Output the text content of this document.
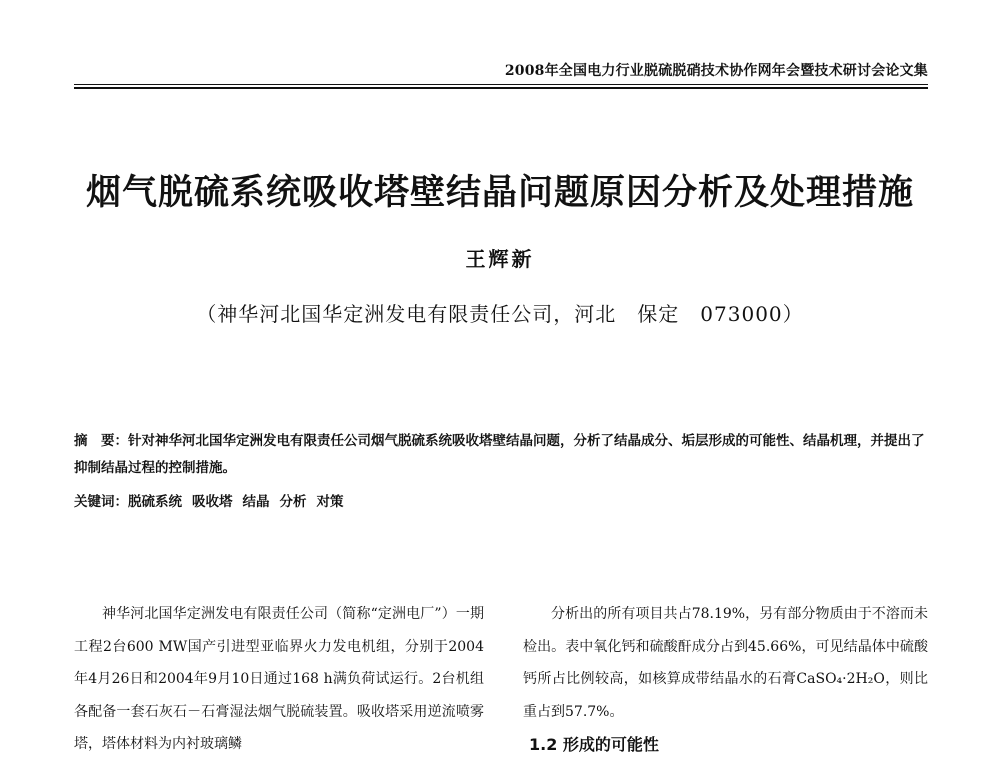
2008年全国电力行业脱硫脱硝技术协作网年会暨技术研讨会论文集
烟气脱硫系统吸收塔壁结晶问题原因分析及处理措施
王辉新
（神华河北国华定洲发电有限责任公司，河北　保定　073000）
摘　要：针对神华河北国华定洲发电有限责任公司烟气脱硫系统吸收塔壁结晶问题，分析了结晶成分、垢层形成的可能性、结晶机理，并提出了抑制结晶过程的控制措施。
关键词：脱硫系统 吸收塔 结晶 分析 对策

神华河北国华定洲发电有限责任公司（简称“定洲电厂”）一期工程2台600 MW国产引进型亚临界火力发电机组，分别于2004年4月26日和2004年9月10日通过168 h满负荷试运行。2台机组各配备一套石灰石－石膏湿法烟气脱硫装置。吸收塔采用逆流喷雾塔，塔体材料为内衬玻璃鳞

分析出的所有项目共占78.19%，另有部分物质由于不溶而未检出。表中氧化钙和硫酸酐成分占到45.66%，可见结晶体中硫酸钙所占比例较高，如核算成带结晶水的石膏CaSO₄·2H₂O，则比重占到57.7%。

1.2 形成的可能性
